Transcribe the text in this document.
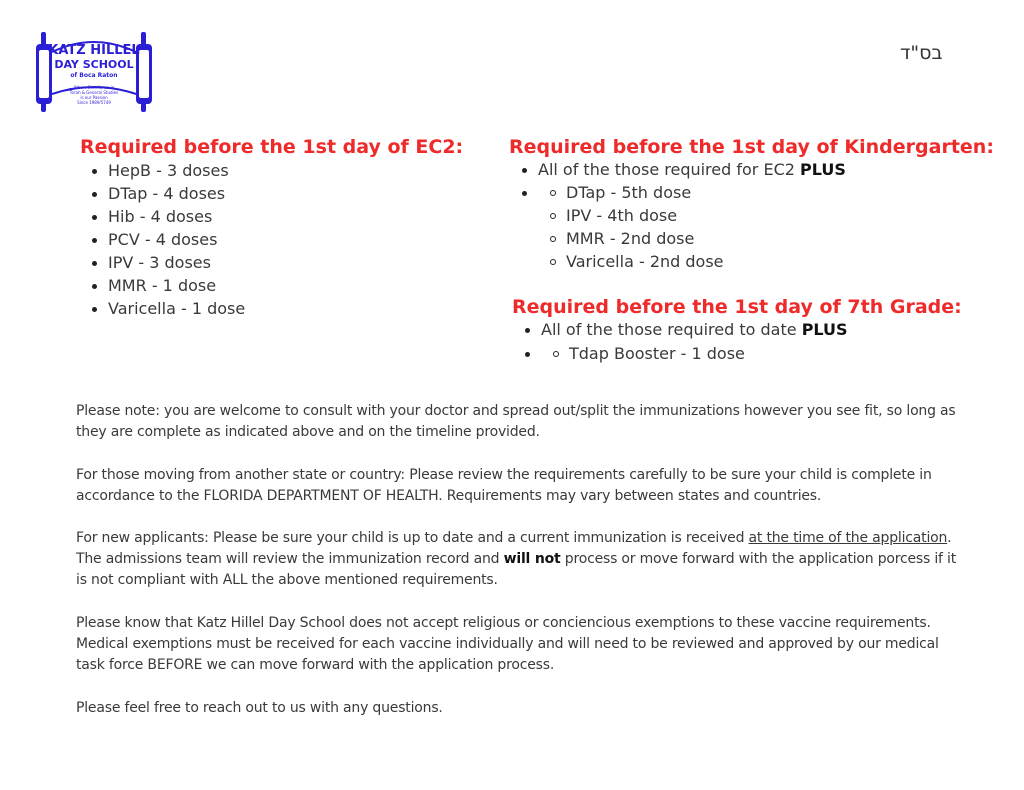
KATZ HILLEL
DAY SCHOOL
of Boca Raton
Where Excellence in
Torah & General Studies
is our Passion
Since 1989/5749
בס"ד
Required before the 1st day of EC2:
HepB - 3 doses
DTap - 4 doses
Hib - 4 doses
PCV - 4 doses
IPV - 3 doses
MMR - 1 dose
Varicella - 1 dose
Required before the 1st day of Kindergarten:
All of the those required for EC2 PLUS
DTap - 5th dose
IPV - 4th dose
MMR - 2nd dose
Varicella - 2nd dose
Required before the 1st day of 7th Grade:
All of the those required to date PLUS
Tdap Booster - 1 dose

Please note: you are welcome to consult with your doctor and spread out/split the immunizations however you see fit, so long as they are complete as indicated above and on the timeline provided.

For those moving from another state or country: Please review the requirements carefully to be sure your child is complete in accordance to the FLORIDA DEPARTMENT OF HEALTH. Requirements may vary between states and countries.

For new applicants: Please be sure your child is up to date and a current immunization is received at the time of the application. The admissions team will review the immunization record and will not process or move forward with the application porcess if it is not compliant with ALL the above mentioned requirements.

Please know that Katz Hillel Day School does not accept religious or conciencious exemptions to these vaccine requirements. Medical exemptions must be received for each vaccine individually and will need to be reviewed and approved by our medical task force BEFORE we can move forward with the application process.

Please feel free to reach out to us with any questions.
